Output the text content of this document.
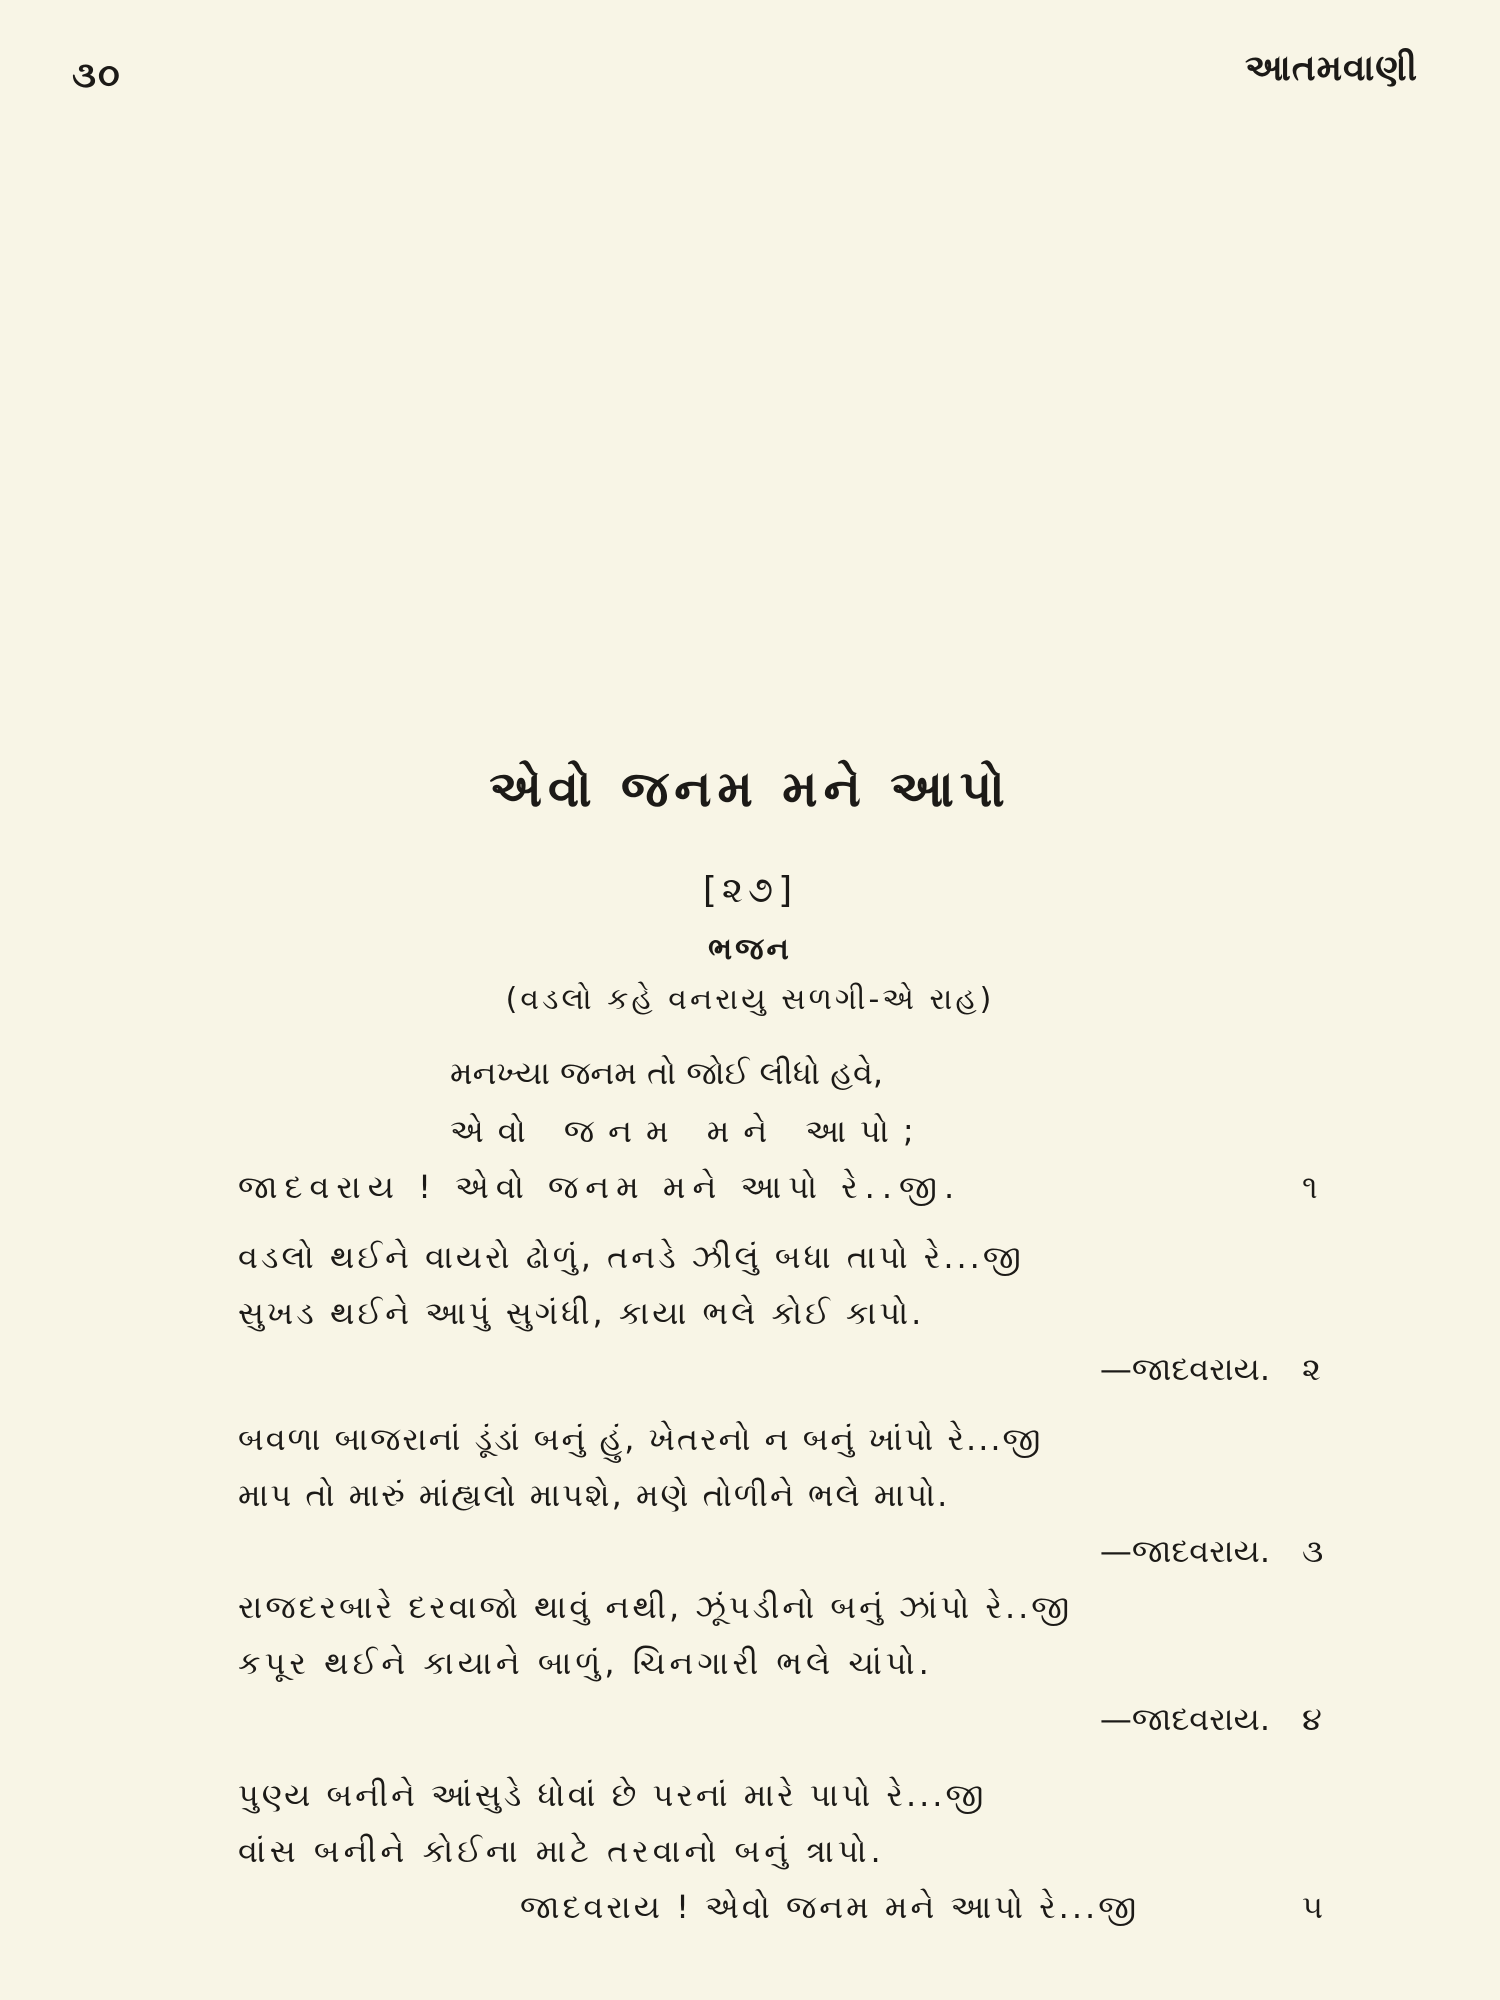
૩૦	આતમવાણી
એવો જનમ મને આપો
[૨૭]
ભજન
(વડલો કહે વનરાયુ સળગી-એ રાહ)
મનખ્યા જનમ તો જોઈ લીધો હવે,
એવો જનમ મને આપો;
જાદવરાય ! એવો જનમ મને આપો રે..જી.	૧
વડલો થઈને વાયરો ઢોળું, તનડે ઝીલું બધા તાપો રે...જી
સુખડ થઈને આપું સુગંધી, કાયા ભલે કોઈ કાપો.
—જાદવરાય. ૨
બવળા બાજરાનાં ડૂંડાં બનું હું, ખેતરનો ન બનું ખાંપો રે...જી
માપ તો મારું માંહ્યલો માપશે, મણે તોળીને ભલે માપો.
—જાદવરાય. ૩
રાજદરબારે દરવાજો થાવું નથી, ઝૂંપડીનો બનું ઝાંપો રે..જી
કપૂર થઈને કાયાને બાળું, ચિનગારી ભલે ચાંપો.
—જાદવરાય. ૪
પુણ્ય બનીને આંસુડે ધોવાં છે પરનાં મારે પાપો રે...જી
વાંસ બનીને કોઈના માટે તરવાનો બનું ત્રાપો.
જાદવરાય ! એવો જનમ મને આપો રે...જી	૫
